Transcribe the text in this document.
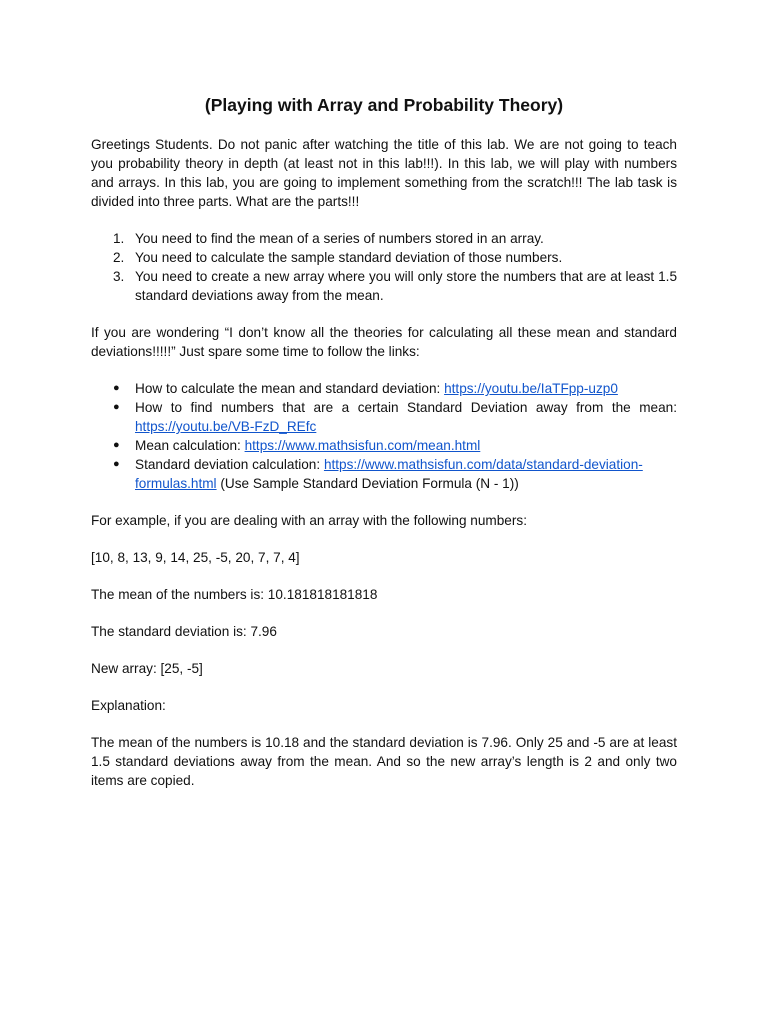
(Playing with Array and Probability Theory)

Greetings Students. Do not panic after watching the title of this lab. We are not going to teach you probability theory in depth (at least not in this lab!!!). In this lab, we will play with numbers and arrays. In this lab, you are going to implement something from the scratch!!! The lab task is divided into three parts. What are the parts!!!

1. You need to find the mean of a series of numbers stored in an array.
2. You need to calculate the sample standard deviation of those numbers.
3. You need to create a new array where you will only store the numbers that are at least 1.5 standard deviations away from the mean.

If you are wondering “I don’t know all the theories for calculating all these mean and standard deviations!!!!!” Just spare some time to follow the links:

● How to calculate the mean and standard deviation: https://youtu.be/IaTFpp-uzp0
● How to find numbers that are a certain Standard Deviation away from the mean: https://youtu.be/VB-FzD_REfc
● Mean calculation: https://www.mathsisfun.com/mean.html
● Standard deviation calculation: https://www.mathsisfun.com/data/standard-deviation-formulas.html (Use Sample Standard Deviation Formula (N - 1))

For example, if you are dealing with an array with the following numbers:

[10, 8, 13, 9, 14, 25, -5, 20, 7, 7, 4]

The mean of the numbers is: 10.181818181818

The standard deviation is: 7.96

New array: [25, -5]

Explanation:

The mean of the numbers is 10.18 and the standard deviation is 7.96. Only 25 and -5 are at least 1.5 standard deviations away from the mean. And so the new array’s length is 2 and only two items are copied.
